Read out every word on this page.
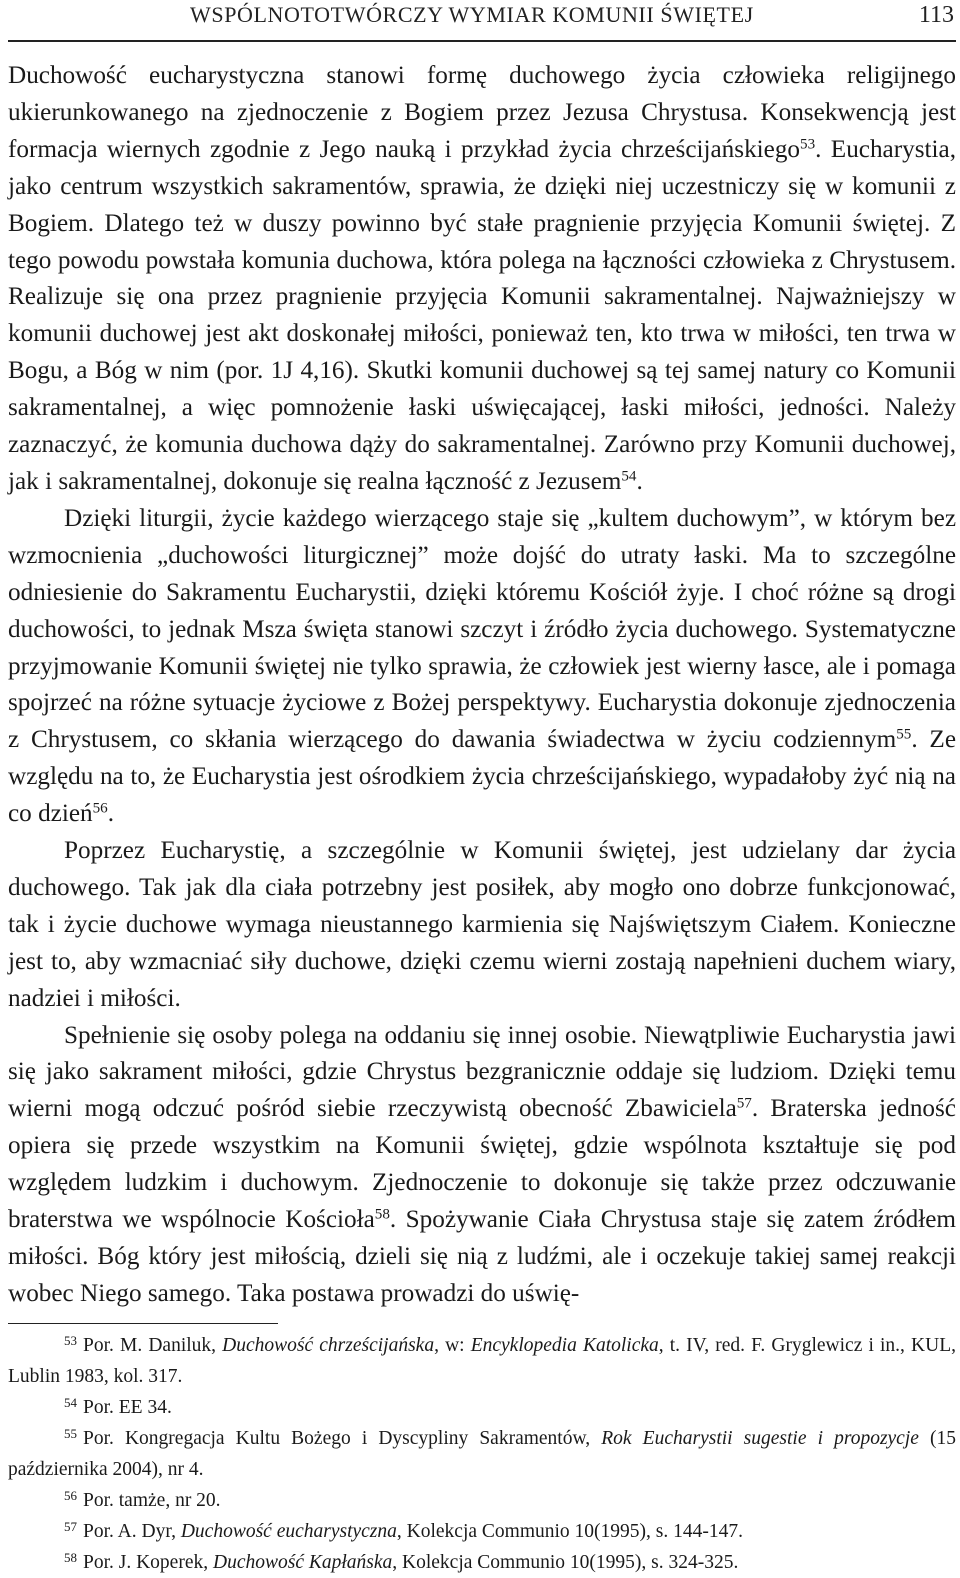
WSPÓLNOTOTWÓRCZY WYMIAR KOMUNII ŚWIĘTEJ	113

Duchowość eucharystyczna stanowi formę duchowego życia człowieka religijnego ukierunkowanego na zjednoczenie z Bogiem przez Jezusa Chrystusa. Konsekwencją jest formacja wiernych zgodnie z Jego nauką i przykład życia chrześcijańskiego$^{53}$. Eucharystia, jako centrum wszystkich sakramentów, sprawia, że dzięki niej uczestniczy się w komunii z Bogiem. Dlatego też w duszy powinno być stałe pragnienie przyjęcia Komunii świętej. Z tego powodu powstała komunia duchowa, która polega na łączności człowieka z Chrystusem. Realizuje się ona przez pragnienie przyjęcia Komunii sakramentalnej. Najważniejszy w komunii duchowej jest akt doskonałej miłości, ponieważ ten, kto trwa w miłości, ten trwa w Bogu, a Bóg w nim (por. 1J 4,16). Skutki komunii duchowej są tej samej natury co Komunii sakramentalnej, a więc pomnożenie łaski uświęcającej, łaski miłości, jedności. Należy zaznaczyć, że komunia duchowa dąży do sakramentalnej. Zarówno przy Komunii duchowej, jak i sakramentalnej, dokonuje się realna łączność z Jezusem$^{54}$.

Dzięki liturgii, życie każdego wierzącego staje się „kultem duchowym”, w którym bez wzmocnienia „duchowości liturgicznej” może dojść do utraty łaski. Ma to szczególne odniesienie do Sakramentu Eucharystii, dzięki któremu Kościół żyje. I choć różne są drogi duchowości, to jednak Msza święta stanowi szczyt i źródło życia duchowego. Systematyczne przyjmowanie Komunii świętej nie tylko sprawia, że człowiek jest wierny łasce, ale i pomaga spojrzeć na różne sytuacje życiowe z Bożej perspektywy. Eucharystia dokonuje zjednoczenia z Chrystusem, co skłania wierzącego do dawania świadectwa w życiu codziennym$^{55}$. Ze względu na to, że Eucharystia jest ośrodkiem życia chrześcijańskiego, wypadałoby żyć nią na co dzień$^{56}$.

Poprzez Eucharystię, a szczególnie w Komunii świętej, jest udzielany dar życia duchowego. Tak jak dla ciała potrzebny jest posiłek, aby mogło ono dobrze funkcjonować, tak i życie duchowe wymaga nieustannego karmienia się Najświętszym Ciałem. Konieczne jest to, aby wzmacniać siły duchowe, dzięki czemu wierni zostają napełnieni duchem wiary, nadziei i miłości.

Spełnienie się osoby polega na oddaniu się innej osobie. Niewątpliwie Eucharystia jawi się jako sakrament miłości, gdzie Chrystus bezgranicznie oddaje się ludziom. Dzięki temu wierni mogą odczuć pośród siebie rzeczywistą obecność Zbawiciela$^{57}$. Braterska jedność opiera się przede wszystkim na Komunii świętej, gdzie wspólnota kształtuje się pod względem ludzkim i duchowym. Zjednoczenie to dokonuje się także przez odczuwanie braterstwa we wspólnocie Kościoła$^{58}$. Spożywanie Ciała Chrystusa staje się zatem źródłem miłości. Bóg który jest miłością, dzieli się nią z ludźmi, ale i oczekuje takiej samej reakcji wobec Niego samego. Taka postawa prowadzi do uświę-

$^{53}$ Por. M. Daniluk, Duchowość chrześcijańska, w: Encyklopedia Katolicka, t. IV, red. F. Gryglewicz i in., KUL, Lublin 1983, kol. 317.

$^{54}$ Por. EE 34.

$^{55}$ Por. Kongregacja Kultu Bożego i Dyscypliny Sakramentów, Rok Eucharystii sugestie i propozycje (15 października 2004), nr 4.

$^{56}$ Por. tamże, nr 20.

$^{57}$ Por. A. Dyr, Duchowość eucharystyczna, Kolekcja Communio 10(1995), s. 144-147.

$^{58}$ Por. J. Koperek, Duchowość Kapłańska, Kolekcja Communio 10(1995), s. 324-325.
